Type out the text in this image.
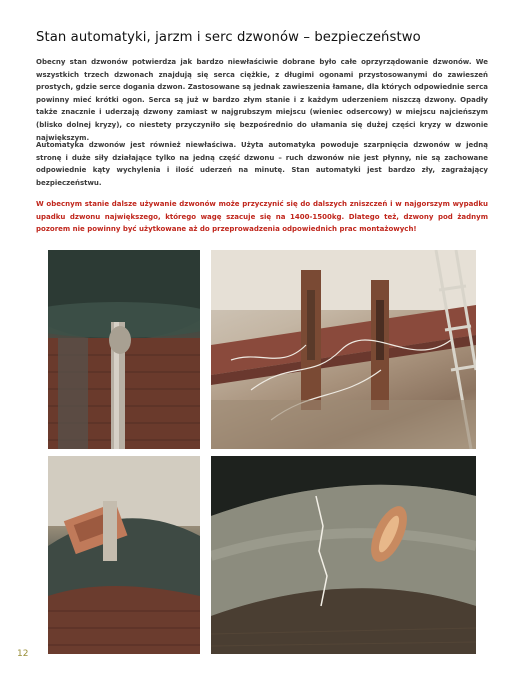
Stan automatyki, jarzm i serc dzwonów – bezpieczeństwo

Obecny stan dzwonów potwierdza jak bardzo niewłaściwie dobrane było całe oprzyrządowanie dzwonów. We wszystkich trzech dzwonach znajdują się serca ciężkie, z długimi ogonami przystosowanymi do zawieszeń prostych, gdzie serce dogania dzwon. Zastosowane są jednak zawieszenia łamane, dla których odpowiednie serca powinny mieć krótki ogon. Serca są już w bardzo złym stanie i z każdym uderzeniem niszczą dzwony. Opadły także znacznie i uderzają dzwony zamiast w najgrubszym miejscu (wieniec odsercowy) w miejscu najcieńszym (blisko dolnej kryzy), co niestety przyczyniło się bezpośrednio do ułamania się dużej części kryzy w dzwonie największym.

Automatyka dzwonów jest również niewłaściwa. Użyta automatyka powoduje szarpnięcia dzwonów w jedną stronę i duże siły działające tylko na jedną część dzwonu – ruch dzwonów nie jest płynny, nie są zachowane odpowiednie kąty wychylenia i ilość uderzeń na minutę. Stan automatyki jest bardzo zły, zagrażający bezpieczeństwu.

W obecnym stanie dalsze używanie dzwonów może przyczynić się do dalszych zniszczeń i w najgorszym wypadku upadku dzwonu największego, którego wagę szacuje się na 1400-1500kg. Dlatego też, dzwony pod żadnym pozorem nie powinny być użytkowane aż do przeprowadzenia odpowiednich prac montażowych!

12
